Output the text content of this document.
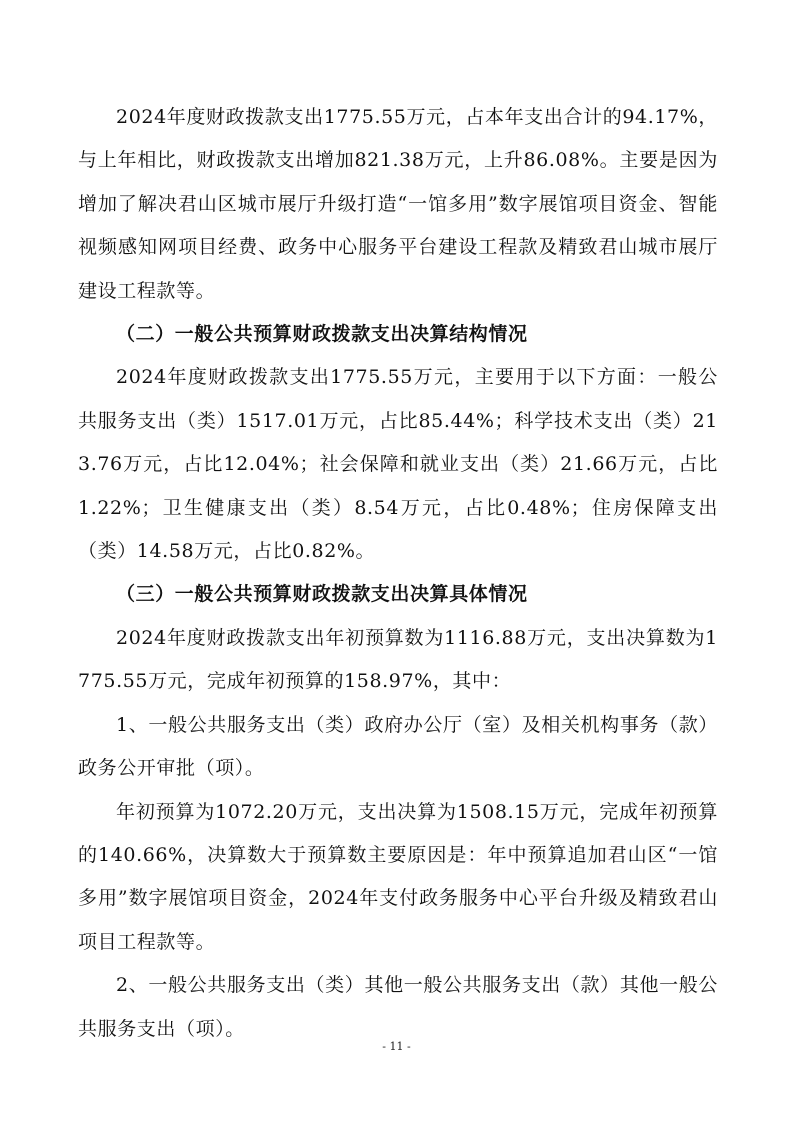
2024年度财政拨款支出1775.55万元，占本年支出合计的94.17%，与上年相比，财政拨款支出增加821.38万元，上升86.08%。主要是因为增加了解决君山区城市展厅升级打造“一馆多用”数字展馆项目资金、智能视频感知网项目经费、政务中心服务平台建设工程款及精致君山城市展厅建设工程款等。

（二）一般公共预算财政拨款支出决算结构情况

2024年度财政拨款支出1775.55万元，主要用于以下方面：一般公共服务支出（类）1517.01万元，占比85.44%；科学技术支出（类）213.76万元，占比12.04%；社会保障和就业支出（类）21.66万元，占比1.22%；卫生健康支出（类）8.54万元，占比0.48%；住房保障支出（类）14.58万元，占比0.82%。

（三）一般公共预算财政拨款支出决算具体情况

2024年度财政拨款支出年初预算数为1116.88万元，支出决算数为1775.55万元，完成年初预算的158.97%，其中：

1、一般公共服务支出（类）政府办公厅（室）及相关机构事务（款）政务公开审批（项）。

年初预算为1072.20万元，支出决算为1508.15万元，完成年初预算的140.66%，决算数大于预算数主要原因是：年中预算追加君山区“一馆多用”数字展馆项目资金，2024年支付政务服务中心平台升级及精致君山项目工程款等。

2、一般公共服务支出（类）其他一般公共服务支出（款）其他一般公共服务支出（项）。

- 11 -
